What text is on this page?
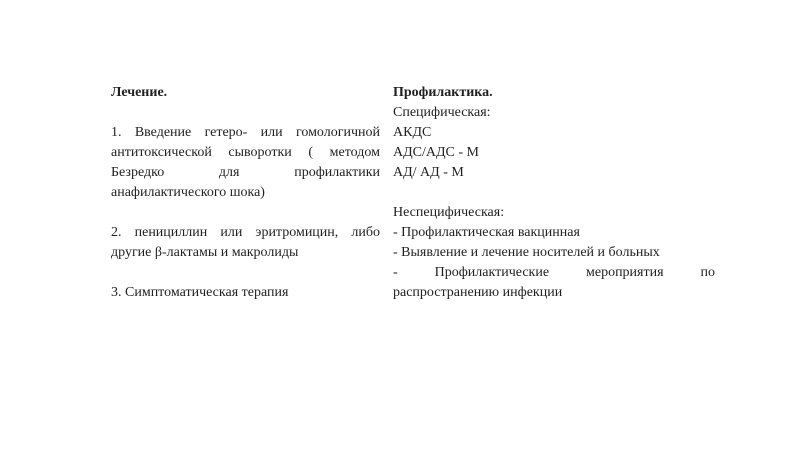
Лечение.

1. Введение гетеро- или гомологичной антитоксической сыворотки ( методом Безредко для профилактики анафилактического шока)

2. пенициллин или эритромицин, либо другие β-лактамы и макролиды

3. Симптоматическая терапия

Профилактика.

Специфическая:

АКДС

АДС/АДС - М

АД/ АД - М

Неспецифическая:

- Профилактическая вакцинная

- Выявление и лечение носителей и больных

- Профилактические мероприятия по распространению инфекции
